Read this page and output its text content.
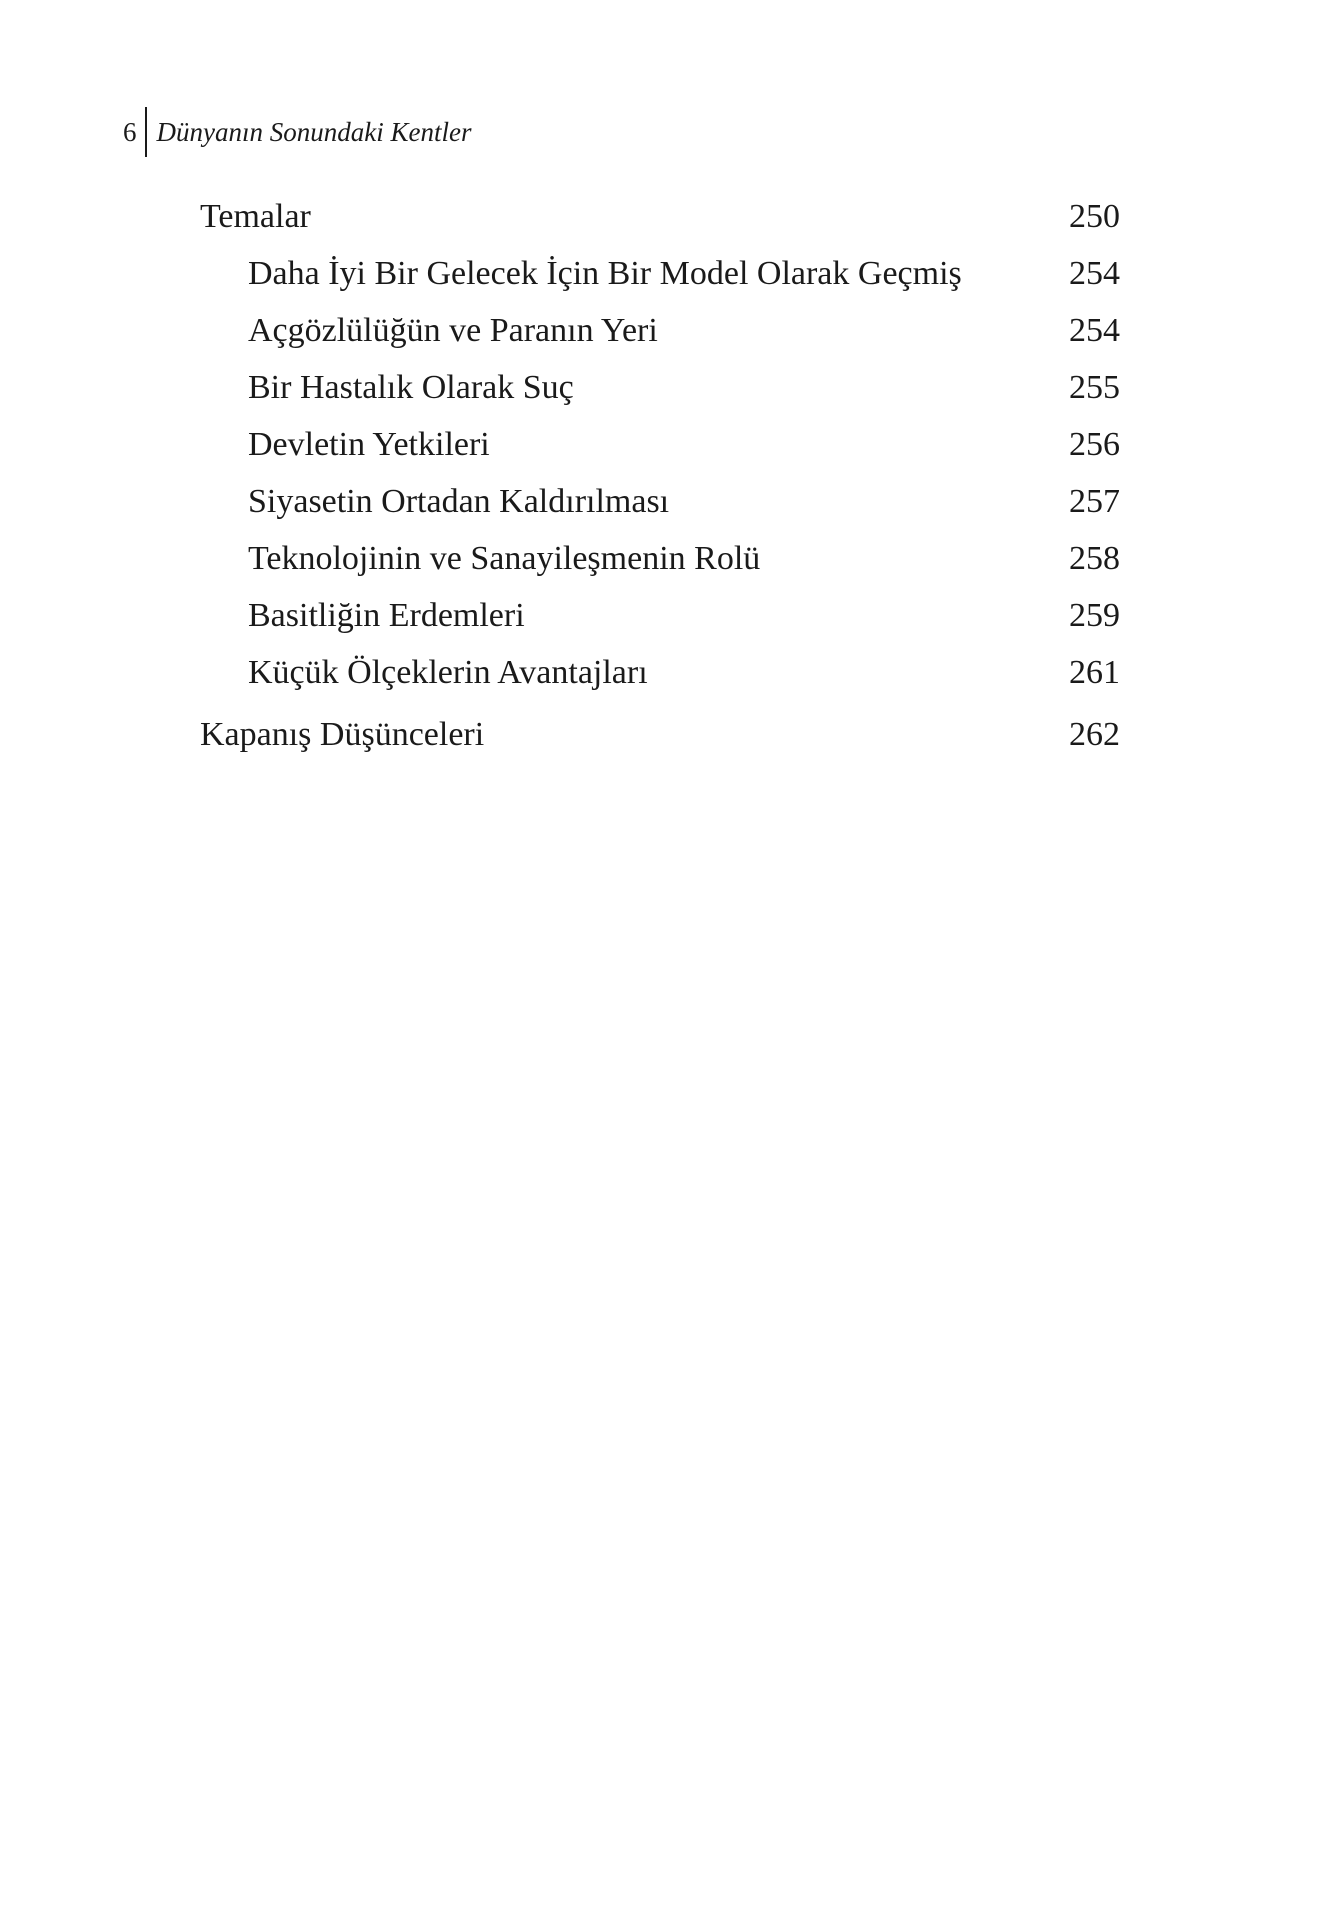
6 Dünyanın Sonundaki Kentler
Temalar	250
Daha İyi Bir Gelecek İçin Bir Model Olarak Geçmiş	254
Açgözlülüğün ve Paranın Yeri	254
Bir Hastalık Olarak Suç	255
Devletin Yetkileri	256
Siyasetin Ortadan Kaldırılması	257
Teknolojinin ve Sanayileşmenin Rolü	258
Basitliğin Erdemleri	259
Küçük Ölçeklerin Avantajları	261
Kapanış Düşünceleri	262
